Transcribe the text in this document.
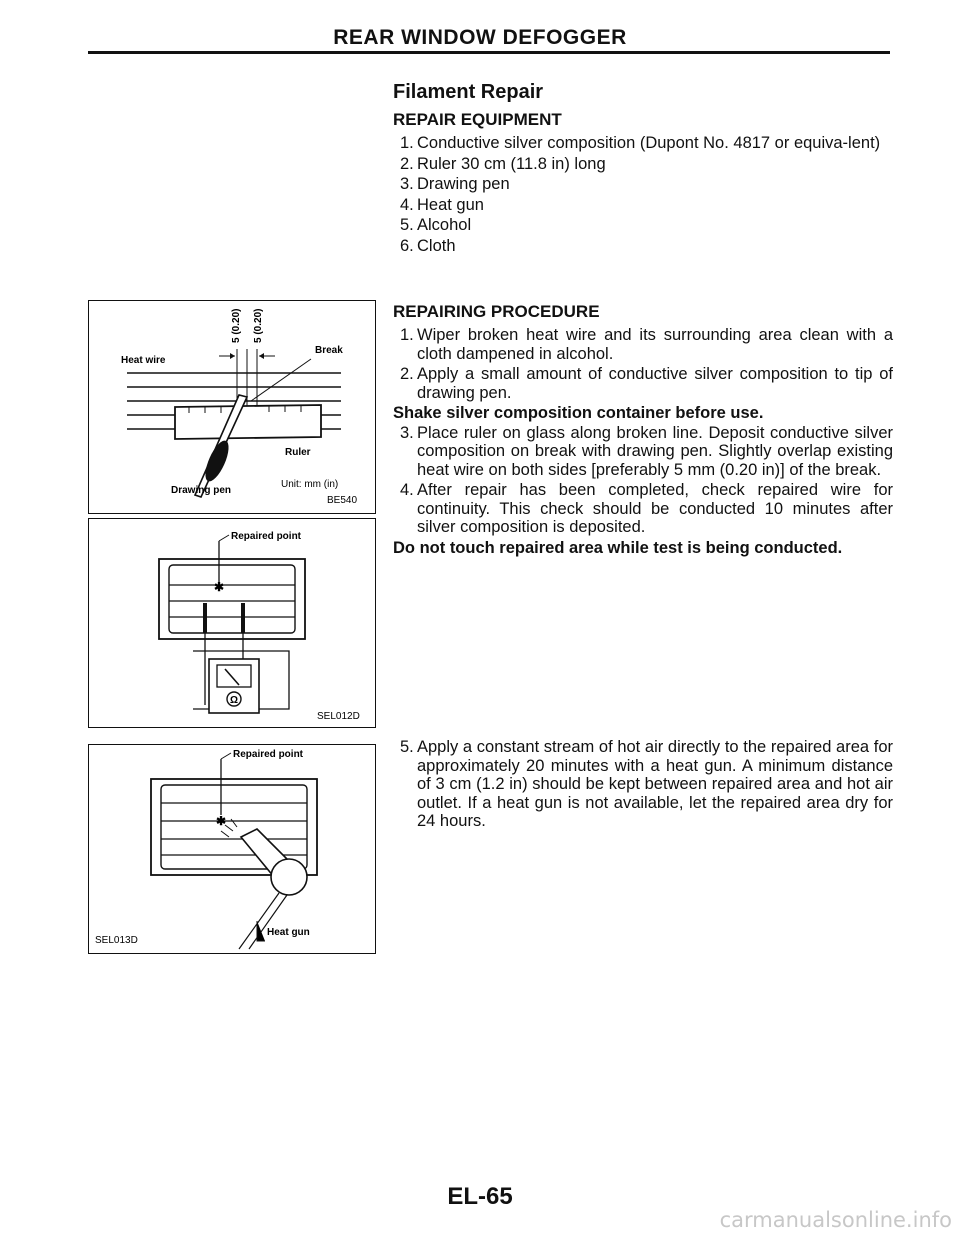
REAR WINDOW DEFOGGER
Filament Repair
REPAIR EQUIPMENT
1. Conductive silver composition (Dupont No. 4817 or equiva-lent)
2. Ruler 30 cm (11.8 in) long
3. Drawing pen
4. Heat gun
5. Alcohol
6. Cloth
REPAIRING PROCEDURE
1. Wiper broken heat wire and its surrounding area clean with a cloth dampened in alcohol.
2. Apply a small amount of conductive silver composition to tip of drawing pen.
Shake silver composition container before use.
3. Place ruler on glass along broken line. Deposit conductive silver composition on break with drawing pen. Slightly overlap existing heat wire on both sides [preferably 5 mm (0.20 in)] of the break.
4. After repair has been completed, check repaired wire for continuity. This check should be conducted 10 minutes after silver composition is deposited.
Do not touch repaired area while test is being conducted.
5. Apply a constant stream of hot air directly to the repaired area for approximately 20 minutes with a heat gun. A minimum distance of 3 cm (1.2 in) should be kept between repaired area and hot air outlet. If a heat gun is not available, let the repaired area dry for 24 hours.
5 (0.20) 5 (0.20)
Break
Heat wire
Ruler
Drawing pen
Unit: mm (in)
BE540
Repaired point
✱
Ω
SEL012D
Repaired point
✱
Heat gun
SEL013D
EL-65
carmanualsonline.info
